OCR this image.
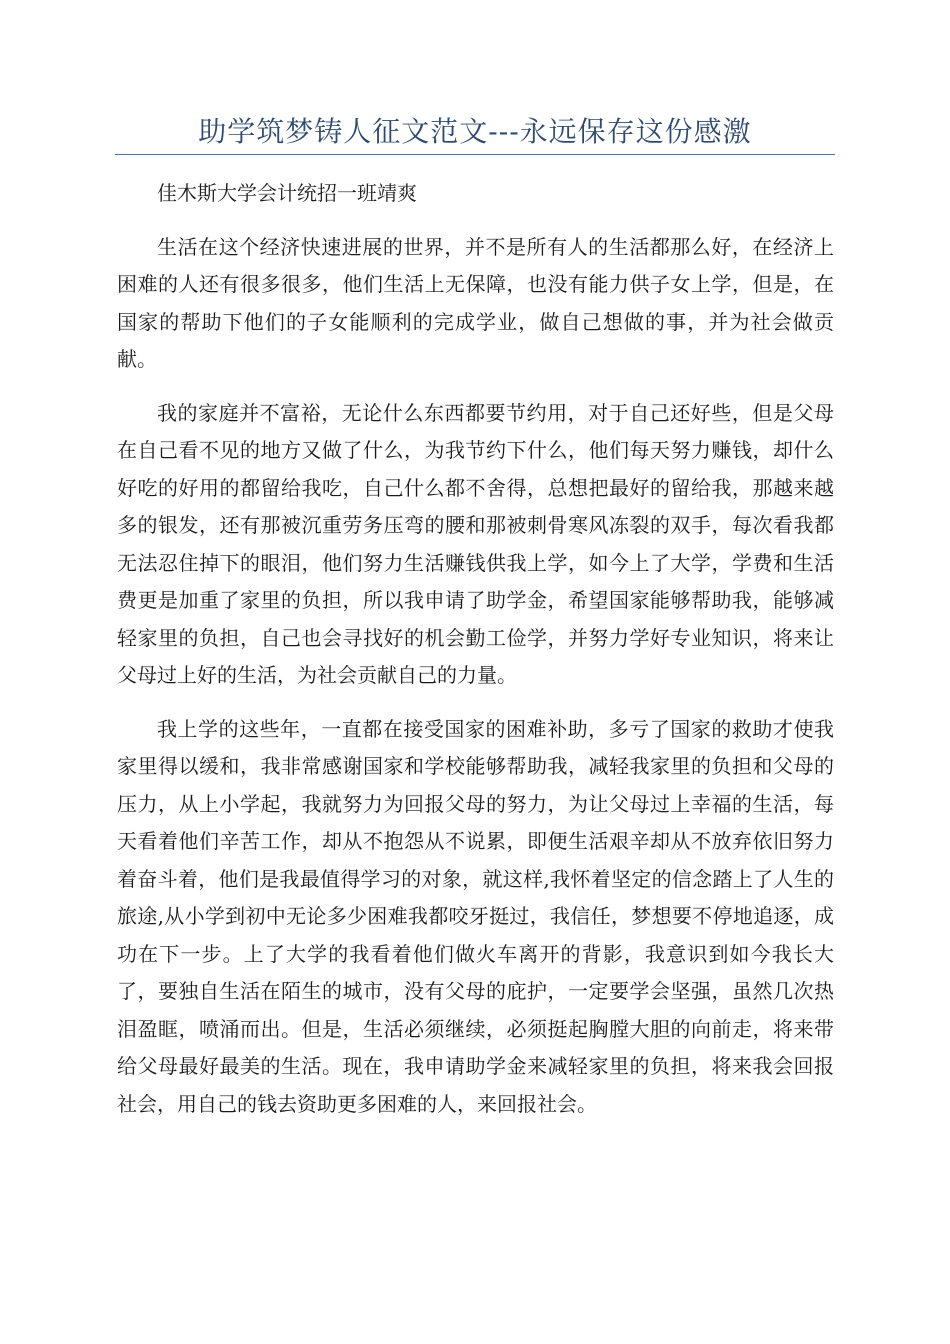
助学筑梦铸人征文范文---永远保存这份感激

佳木斯大学会计统招一班靖爽

生活在这个经济快速进展的世界，并不是所有人的生活都那么好，在经济上困难的人还有很多很多，他们生活上无保障，也没有能力供子女上学，但是，在国家的帮助下他们的子女能顺利的完成学业，做自己想做的事，并为社会做贡献。

我的家庭并不富裕，无论什么东西都要节约用，对于自己还好些，但是父母在自己看不见的地方又做了什么，为我节约下什么，他们每天努力赚钱，却什么好吃的好用的都留给我吃，自己什么都不舍得，总想把最好的留给我，那越来越多的银发，还有那被沉重劳务压弯的腰和那被刺骨寒风冻裂的双手，每次看我都无法忍住掉下的眼泪，他们努力生活赚钱供我上学，如今上了大学，学费和生活费更是加重了家里的负担，所以我申请了助学金，希望国家能够帮助我，能够减轻家里的负担，自己也会寻找好的机会勤工俭学，并努力学好专业知识，将来让父母过上好的生活，为社会贡献自己的力量。

我上学的这些年，一直都在接受国家的困难补助，多亏了国家的救助才使我家里得以缓和，我非常感谢国家和学校能够帮助我，减轻我家里的负担和父母的压力，从上小学起，我就努力为回报父母的努力，为让父母过上幸福的生活，每天看着他们辛苦工作，却从不抱怨从不说累，即便生活艰辛却从不放弃依旧努力着奋斗着，他们是我最值得学习的对象，就这样,我怀着坚定的信念踏上了人生的旅途,从小学到初中无论多少困难我都咬牙挺过，我信任，梦想要不停地追逐，成功在下一步。上了大学的我看着他们做火车离开的背影，我意识到如今我长大了，要独自生活在陌生的城市，没有父母的庇护，一定要学会坚强，虽然几次热泪盈眶，喷涌而出。但是，生活必须继续，必须挺起胸膛大胆的向前走，将来带给父母最好最美的生活。现在，我申请助学金来减轻家里的负担，将来我会回报社会，用自己的钱去资助更多困难的人，来回报社会。
